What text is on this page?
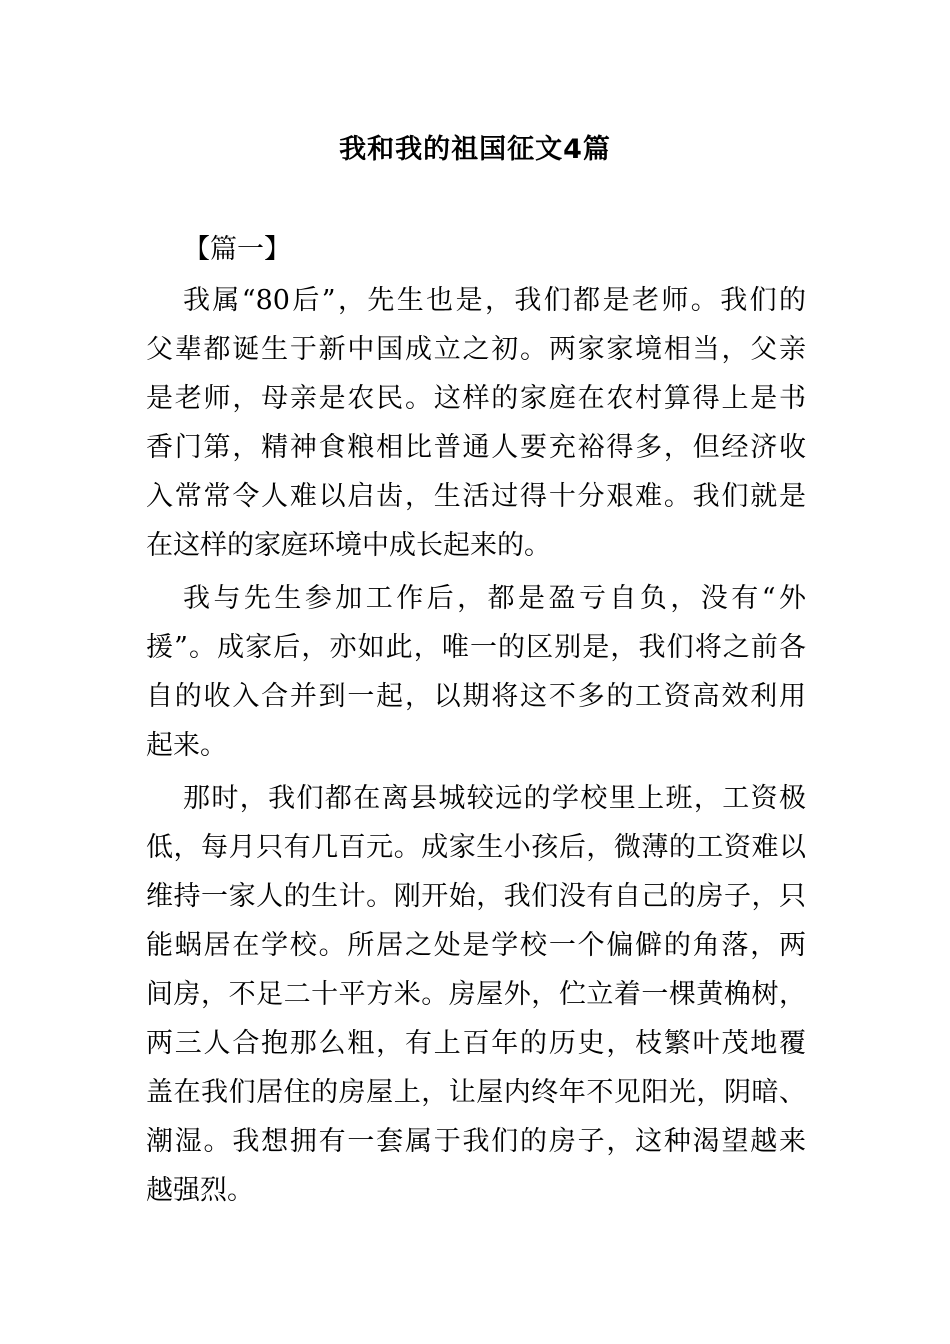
我和我的祖国征文4篇
【篇一】
我属“80后”，先生也是，我们都是老师。我们的
父辈都诞生于新中国成立之初。两家家境相当，父亲
是老师，母亲是农民。这样的家庭在农村算得上是书
香门第，精神食粮相比普通人要充裕得多，但经济收
入常常令人难以启齿，生活过得十分艰难。我们就是
在这样的家庭环境中成长起来的。
我与先生参加工作后，都是盈亏自负，没有“外
援”。成家后，亦如此，唯一的区别是，我们将之前各
自的收入合并到一起，以期将这不多的工资高效利用
起来。
那时，我们都在离县城较远的学校里上班，工资极
低，每月只有几百元。成家生小孩后，微薄的工资难以
维持一家人的生计。刚开始，我们没有自己的房子，只
能蜗居在学校。所居之处是学校一个偏僻的角落，两
间房，不足二十平方米。房屋外，伫立着一棵黄桷树，
两三人合抱那么粗，有上百年的历史，枝繁叶茂地覆
盖在我们居住的房屋上，让屋内终年不见阳光，阴暗、
潮湿。我想拥有一套属于我们的房子，这种渴望越来
越强烈。
